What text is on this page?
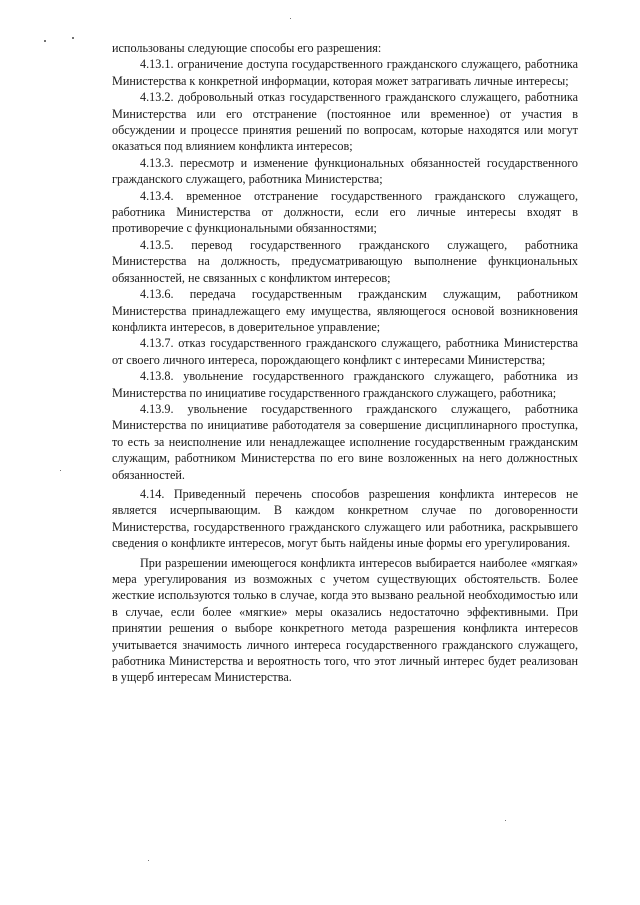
использованы следующие способы его разрешения:

4.13.1. ограничение доступа государственного гражданского служащего, работника Министерства к конкретной информации, которая может затрагивать личные интересы;

4.13.2. добровольный отказ государственного гражданского служащего, работника Министерства или его отстранение (постоянное или временное) от участия в обсуждении и процессе принятия решений по вопросам, которые находятся или могут оказаться под влиянием конфликта интересов;

4.13.3. пересмотр и изменение функциональных обязанностей государственного гражданского служащего, работника Министерства;

4.13.4. временное отстранение государственного гражданского служащего, работника Министерства от должности, если его личные интересы входят в противоречие с функциональными обязанностями;

4.13.5. перевод государственного гражданского служащего, работника Министерства на должность, предусматривающую выполнение функциональных обязанностей, не связанных с конфликтом интересов;

4.13.6. передача государственным гражданским служащим, работником Министерства принадлежащего ему имущества, являющегося основой возникновения конфликта интересов, в доверительное управление;

4.13.7. отказ государственного гражданского служащего, работника Министерства от своего личного интереса, порождающего конфликт с интересами Министерства;

4.13.8. увольнение государственного гражданского служащего, работника из Министерства по инициативе государственного гражданского служащего, работника;

4.13.9. увольнение государственного гражданского служащего, работника Министерства по инициативе работодателя за совершение дисциплинарного проступка, то есть за неисполнение или ненадлежащее исполнение государственным гражданским служащим, работником Министерства по его вине возложенных на него должностных обязанностей.

4.14. Приведенный перечень способов разрешения конфликта интересов не является исчерпывающим. В каждом конкретном случае по договоренности Министерства, государственного гражданского служащего или работника, раскрывшего сведения о конфликте интересов, могут быть найдены иные формы его урегулирования.

При разрешении имеющегося конфликта интересов выбирается наиболее «мягкая» мера урегулирования из возможных с учетом существующих обстоятельств. Более жесткие используются только в случае, когда это вызвано реальной необходимостью или в случае, если более «мягкие» меры оказались недостаточно эффективными. При принятии решения о выборе конкретного метода разрешения конфликта интересов учитывается значимость личного интереса государственного гражданского служащего, работника Министерства и вероятность того, что этот личный интерес будет реализован в ущерб интересам Министерства.
